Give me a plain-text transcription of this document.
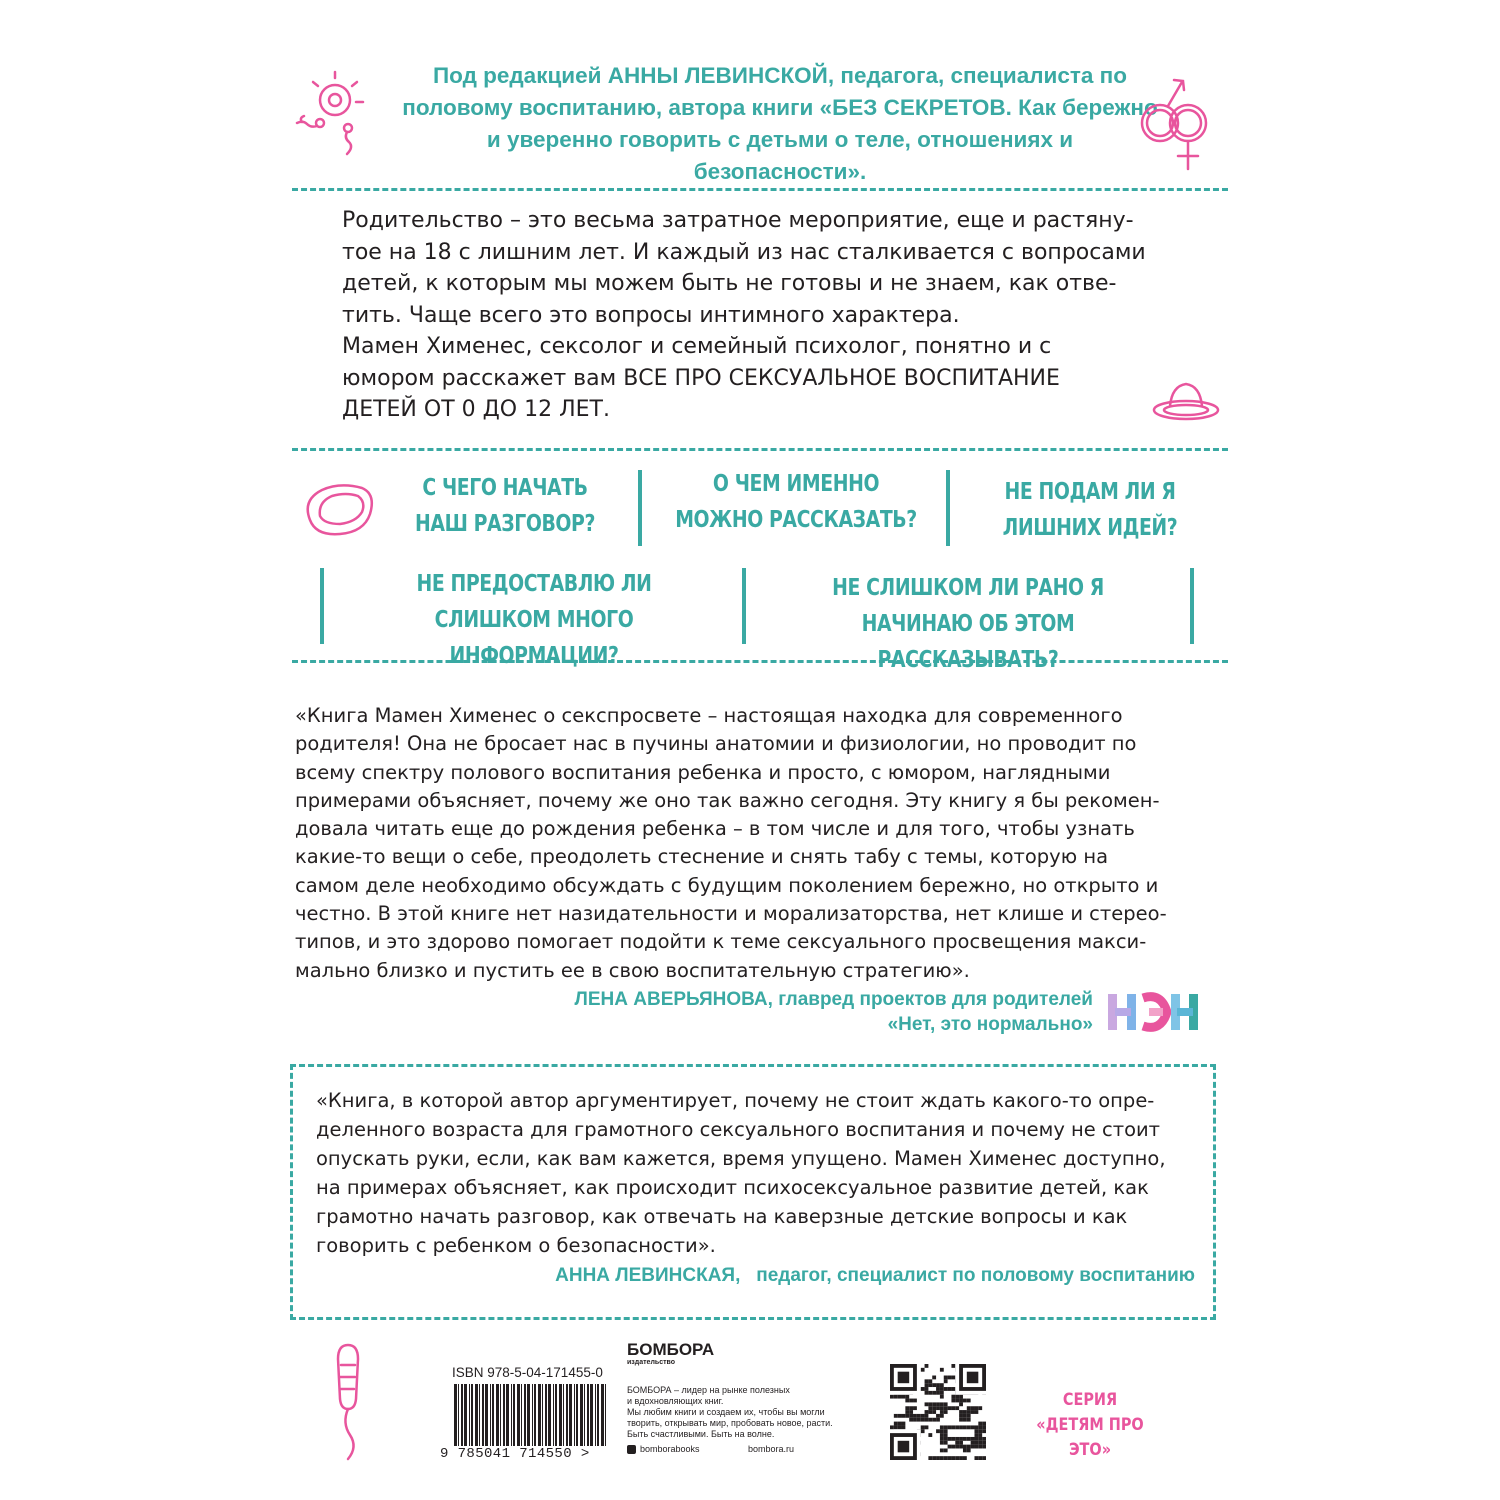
Под редакцией АННЫ ЛЕВИНСКОЙ, педагога, специалиста по
половому воспитанию, автора книги «БЕЗ СЕКРЕТОВ. Как бережно
и уверенно говорить с детьми о теле, отношениях и безопасности».

Родительство – это весьма затратное мероприятие, еще и растяну-

тое на 18 с лишним лет. И каждый из нас сталкивается с вопросами

детей, к которым мы можем быть не готовы и не знаем, как отве-

тить. Чаще всего это вопросы интимного характера.

Мамен Хименес, сексолог и семейный психолог, понятно и с

юмором расскажет вам ВСЕ ПРО СЕКСУАЛЬНОЕ ВОСПИТАНИЕ

ДЕТЕЙ ОТ 0 ДО 12 ЛЕТ.

С ЧЕГО НАЧАТЬ
НАШ РАЗГОВОР?
О ЧЕМ ИМЕННО
МОЖНО РАССКАЗАТЬ?
НЕ ПОДАМ ЛИ Я
ЛИШНИХ ИДЕЙ?
НЕ ПРЕДОСТАВЛЮ ЛИ
СЛИШКОМ МНОГО ИНФОРМАЦИИ?
НЕ СЛИШКОМ ЛИ РАНО Я
НАЧИНАЮ ОБ ЭТОМ РАССКАЗЫВАТЬ?
«Книга Мамен Хименес о секспросвете – настоящая находка для современного
родителя! Она не бросает нас в пучины анатомии и физиологии, но проводит по
всему спектру полового воспитания ребенка и просто, с юмором, наглядными
примерами объясняет, почему же оно так важно сегодня. Эту книгу я бы рекомен-
довала читать еще до рождения ребенка – в том числе и для того, чтобы узнать
какие-то вещи о себе, преодолеть стеснение и снять табу с темы, которую на
самом деле необходимо обсуждать с будущим поколением бережно, но открыто и
честно. В этой книге нет назидательности и морализаторства, нет клише и стерео-
типов, и это здорово помогает подойти к теме сексуального просвещения макси-
мально близко и пустить ее в свою воспитательную стратегию».
ЛЕНА АВЕРЬЯНОВА, главред проектов для родителей
«Нет, это нормально»
«Книга, в которой автор аргументирует, почему не стоит ждать какого-то опре-
деленного возраста для грамотного сексуального воспитания и почему не стоит
опускать руки, если, как вам кажется, время упущено. Мамен Хименес доступно,
на примерах объясняет, как происходит психосексуальное развитие детей, как
грамотно начать разговор, как отвечать на каверзные детские вопросы и как
говорить с ребенком о безопасности».
АННА ЛЕВИНСКАЯ, педагог, специалист по половому воспитанию
ISBN 978-5-04-171455-0
9 785041 714550 >
БОМБОРА
издательство
БОМБОРА – лидер на рынке полезных
и вдохновляющих книг.
Мы любим книги и создаем их, чтобы вы могли
творить, открывать мир, пробовать новое, расти.
Быть счастливыми. Быть на волне.
bomborabooks	bombora.ru
СЕРИЯ
«ДЕТЯМ ПРО ЭТО»
